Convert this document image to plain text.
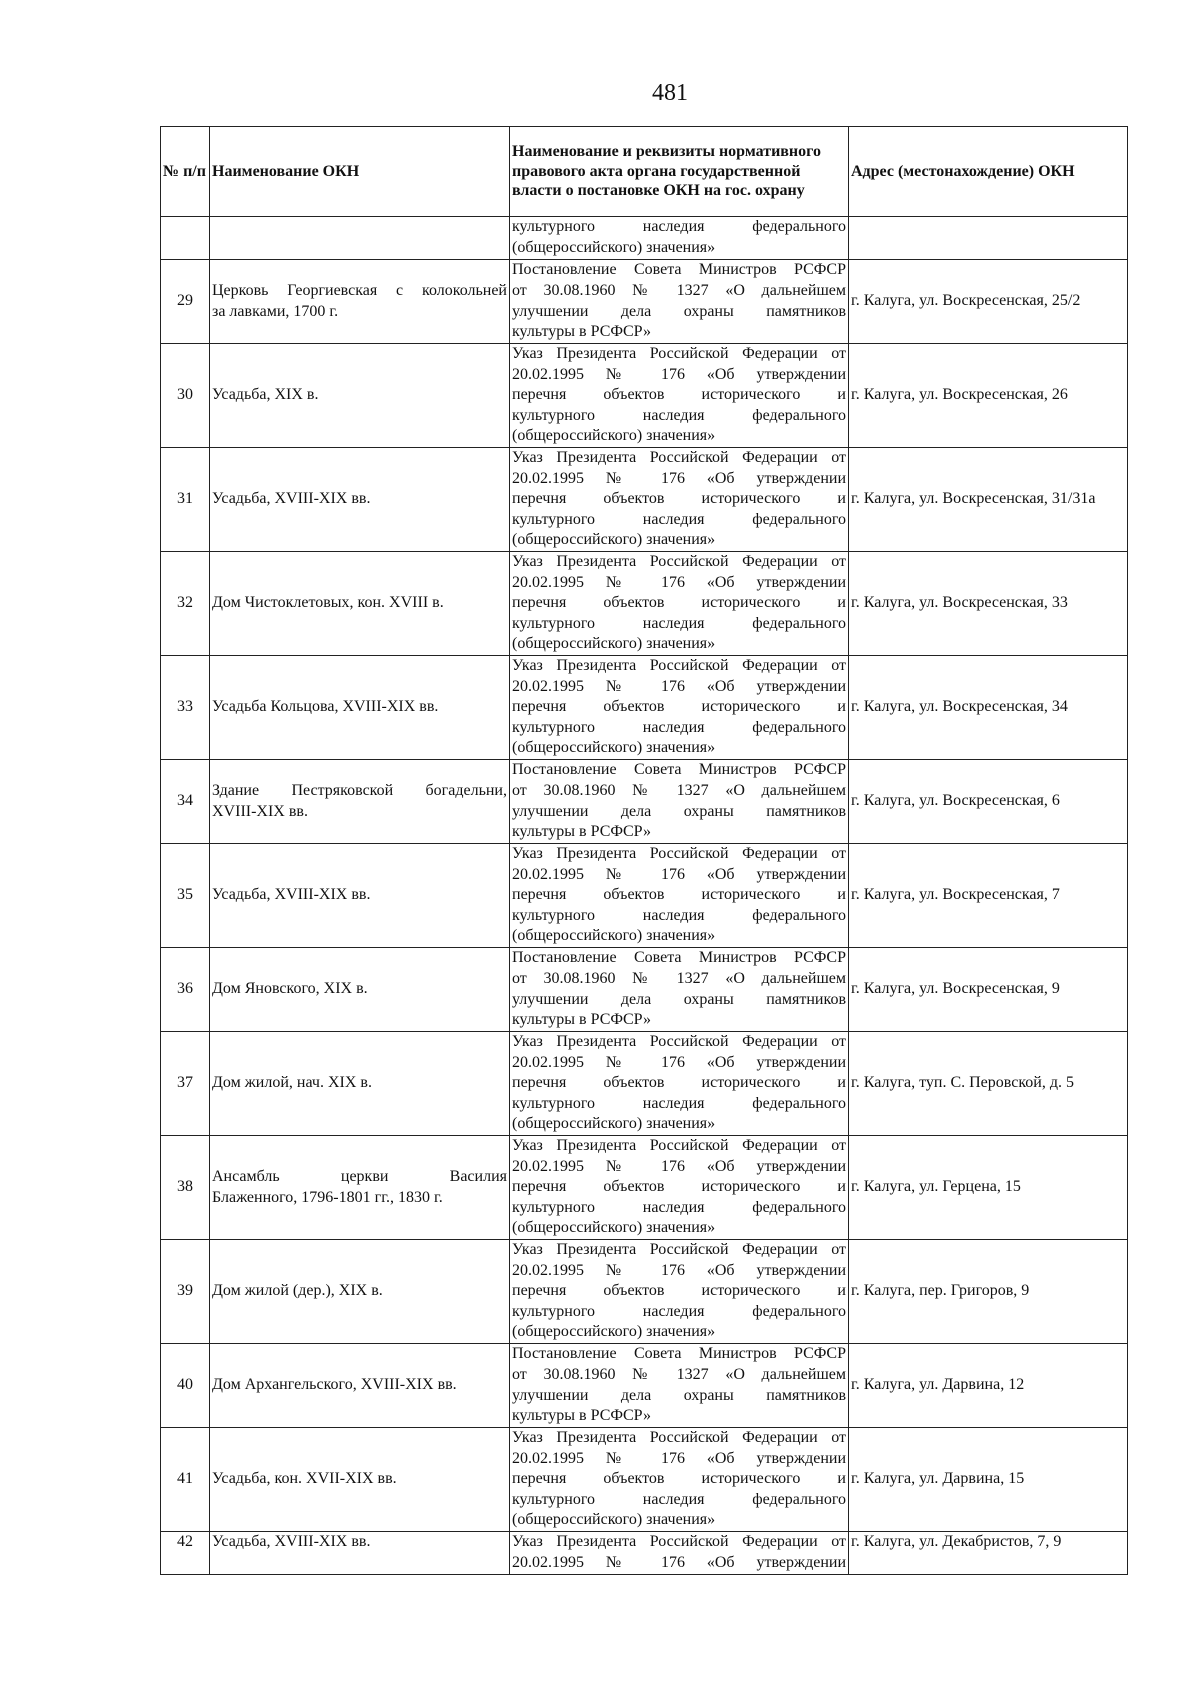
481
№ п/п	Наименование ОКН	Наименование и реквизиты нормативного правового акта органа государственной власти о постановке ОКН на гос. охрану	Адрес (местонахождение) ОКН

		культурного наследия федерального
(общероссийского) значения»	

29	Церковь Георгиевская с колокольней
за лавками, 1700 г.	Постановление Совета Министров РСФСР
от 30.08.1960 № 1327 «О дальнейшем
улучшении дела охраны памятников
культуры в РСФСР»	г. Калуга, ул. Воскресенская, 25/2
30	Усадьба, XIX в.	Указ Президента Российской Федерации от
20.02.1995 № 176 «Об утверждении
перечня объектов исторического и
культурного наследия федерального
(общероссийского) значения»	г. Калуга, ул. Воскресенская, 26
31	Усадьба, XVIII-XIX вв.	Указ Президента Российской Федерации от
20.02.1995 № 176 «Об утверждении
перечня объектов исторического и
культурного наследия федерального
(общероссийского) значения»	г. Калуга, ул. Воскресенская, 31/31а
32	Дом Чистоклетовых, кон. XVIII в.	Указ Президента Российской Федерации от
20.02.1995 № 176 «Об утверждении
перечня объектов исторического и
культурного наследия федерального
(общероссийского) значения»	г. Калуга, ул. Воскресенская, 33
33	Усадьба Кольцова, XVIII-XIX вв.	Указ Президента Российской Федерации от
20.02.1995 № 176 «Об утверждении
перечня объектов исторического и
культурного наследия федерального
(общероссийского) значения»	г. Калуга, ул. Воскресенская, 34
34	Здание Пестряковской богадельни,
XVIII-XIX вв.	Постановление Совета Министров РСФСР
от 30.08.1960 № 1327 «О дальнейшем
улучшении дела охраны памятников
культуры в РСФСР»	г. Калуга, ул. Воскресенская, 6
35	Усадьба, XVIII-XIX вв.	Указ Президента Российской Федерации от
20.02.1995 № 176 «Об утверждении
перечня объектов исторического и
культурного наследия федерального
(общероссийского) значения»	г. Калуга, ул. Воскресенская, 7
36	Дом Яновского, XIX в.	Постановление Совета Министров РСФСР
от 30.08.1960 № 1327 «О дальнейшем
улучшении дела охраны памятников
культуры в РСФСР»	г. Калуга, ул. Воскресенская, 9
37	Дом жилой, нач. XIX в.	Указ Президента Российской Федерации от
20.02.1995 № 176 «Об утверждении
перечня объектов исторического и
культурного наследия федерального
(общероссийского) значения»	г. Калуга, туп. С. Перовской, д. 5
38	Ансамбль церкви Василия
Блаженного, 1796-1801 гг., 1830 г.	Указ Президента Российской Федерации от
20.02.1995 № 176 «Об утверждении
перечня объектов исторического и
культурного наследия федерального
(общероссийского) значения»	г. Калуга, ул. Герцена, 15
39	Дом жилой (дер.), XIX в.	Указ Президента Российской Федерации от
20.02.1995 № 176 «Об утверждении
перечня объектов исторического и
культурного наследия федерального
(общероссийского) значения»	г. Калуга, пер. Григоров, 9
40	Дом Архангельского, XVIII-XIX вв.	Постановление Совета Министров РСФСР
от 30.08.1960 № 1327 «О дальнейшем
улучшении дела охраны памятников
культуры в РСФСР»	г. Калуга, ул. Дарвина, 12
41	Усадьба, кон. XVII-XIX вв.	Указ Президента Российской Федерации от
20.02.1995 № 176 «Об утверждении
перечня объектов исторического и
культурного наследия федерального
(общероссийского) значения»	г. Калуга, ул. Дарвина, 15
42	Усадьба, XVIII-XIX вв.	Указ Президента Российской Федерации от
20.02.1995 № 176 «Об утверждении	г. Калуга, ул. Декабристов, 7, 9
